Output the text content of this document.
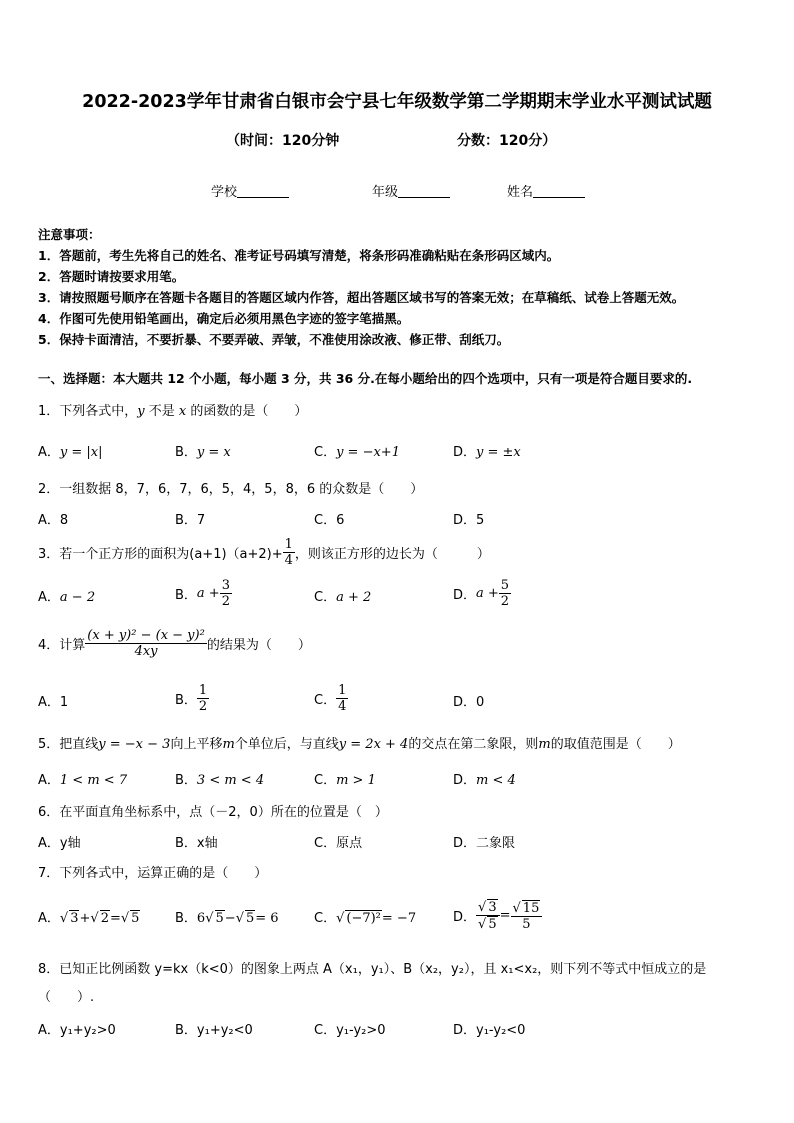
2022-2023学年甘肃省白银市会宁县七年级数学第二学期期末学业水平测试试题
（时间：120分钟	分数：120分）
学校	年级	姓名
注意事项：
1．答题前，考生先将自己的姓名、准考证号码填写清楚，将条形码准确粘贴在条形码区域内。
2．答题时请按要求用笔。
3．请按照题号顺序在答题卡各题目的答题区域内作答，超出答题区域书写的答案无效；在草稿纸、试卷上答题无效。
4．作图可先使用铅笔画出，确定后必须用黑色字迹的签字笔描黑。
5．保持卡面清洁，不要折暴、不要弄破、弄皱，不准使用涂改液、修正带、刮纸刀。
一、选择题：本大题共 12 个小题，每小题 3 分，共 36 分.在每小题给出的四个选项中，只有一项是符合题目要求的.
1．下列各式中，y 不是 x 的函数的是（　　）
A．y = |x|	B．y = x	C．y = −x+1	D．y = ±x
2．一组数据 8，7，6，7，6，5，4，5，8，6 的众数是（　　）
A．8	B．7	C．6	D．5
3．若一个正方形的面积为$(a+1)(a+2)+ \frac{1}{4}$ ，则该正方形的边长为（　　　）
A．a − 2	B．$a + \frac{3}{2}$	C．a + 2	D．$a + \frac{5}{2}$
4．计算 $\frac{\text{(x + y)² − (x − y)²}}{4xy}$ 的结果为（　　）
A．1	B． $\frac{1}{2}$	C． $\frac{1}{4}$	D．0
5．把直线y = −x − 3向上平移m个单位后，与直线y = 2x + 4的交点在第二象限，则m的取值范围是（　　）
A．1 < m < 7	B．3 < m < 4	C．m > 1	D．m < 4
6．在平面直角坐标系中，点（－2，0）所在的位置是（　）
A．y轴	B．x轴	C．原点	D．二象限
7．下列各式中，运算正确的是（　　）
A．√ 3+√ 2=√ 5	B．6√ 5−√ 5= 6	C．√ (−7)²= −7	D． $\frac{√ 3}{√ 5} = \frac{√ 15}{5}$
8．已知正比例函数 y=kx（k<0）的图象上两点 A（x₁，y₁）、B（x₂，y₂），且 x₁<x₂，则下列不等式中恒成立的是
（　　）.
A．y₁+y₂>0	B．y₁+y₂<0	C．y₁-y₂>0	D．y₁-y₂<0
